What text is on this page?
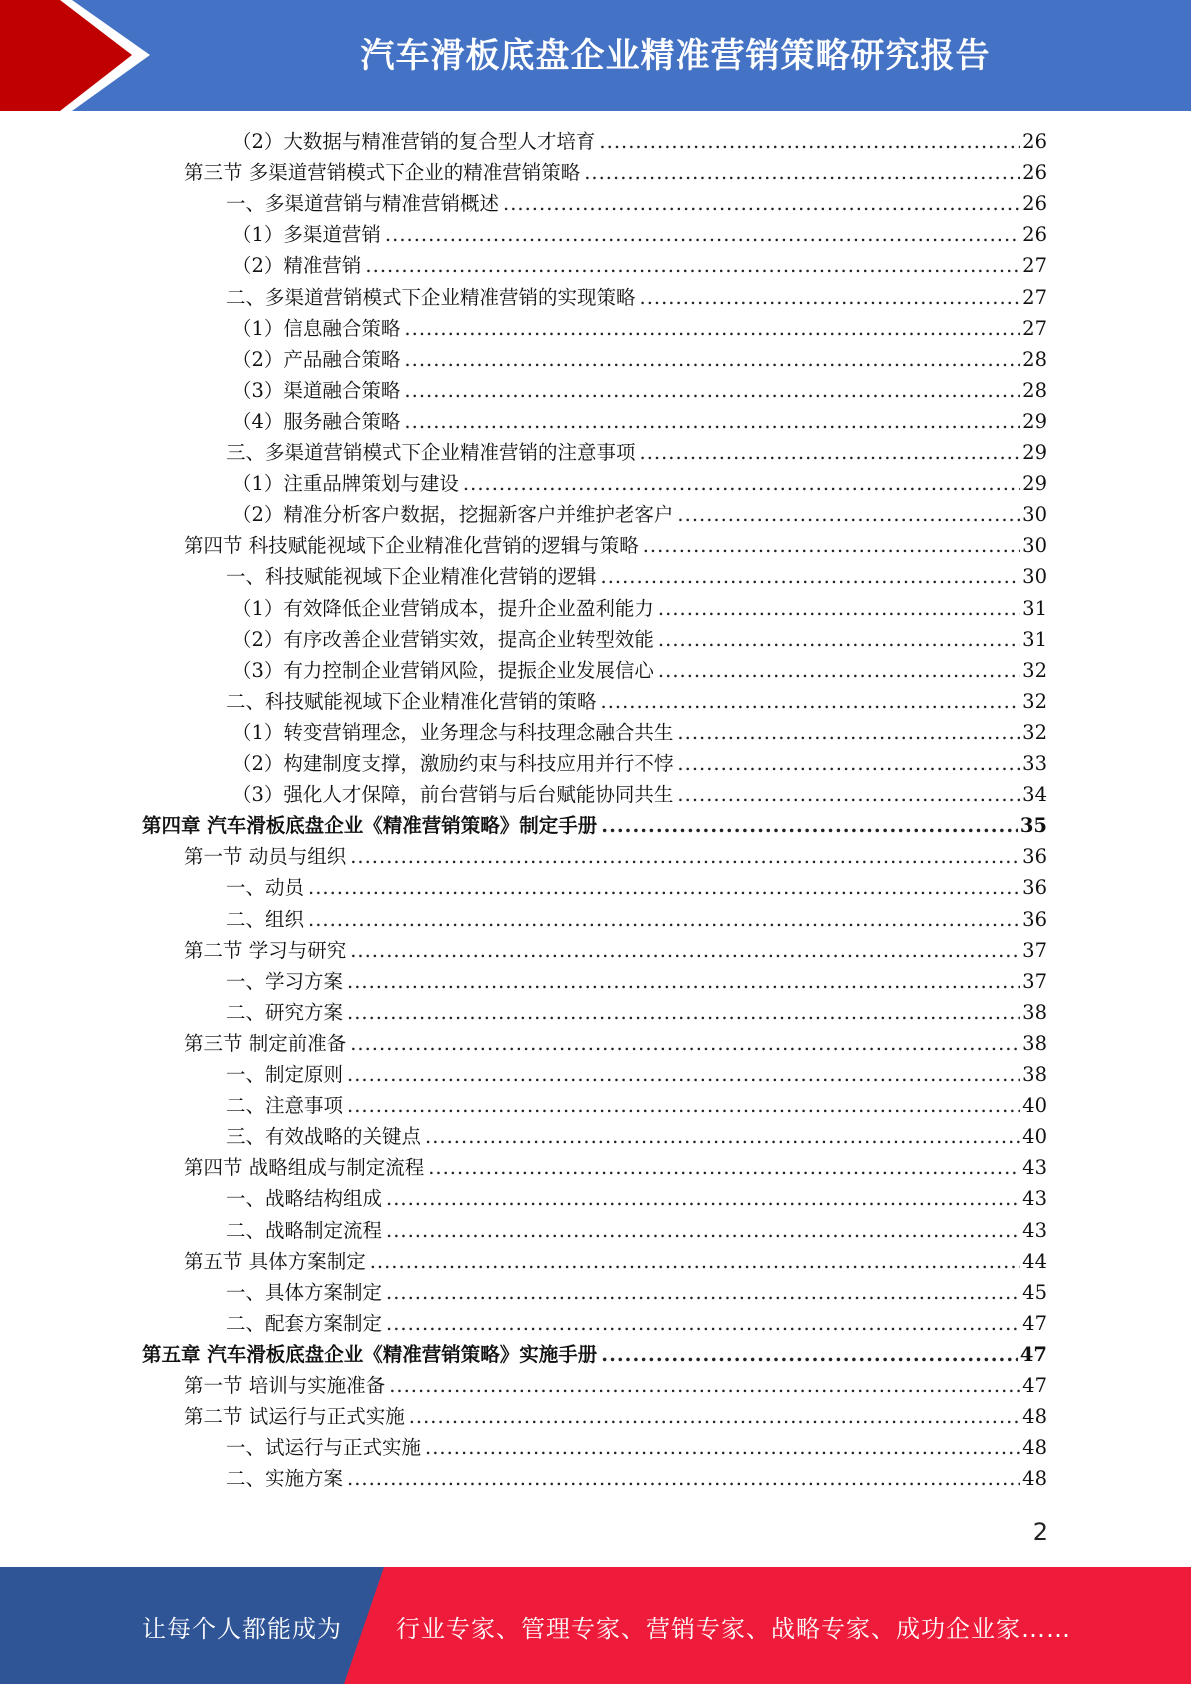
汽车滑板底盘企业精准营销策略研究报告
（2）大数据与精准营销的复合型人才培育 .....	26
第三节 多渠道营销模式下企业的精准营销策略 .....	26
一、多渠道营销与精准营销概述 .....	26
（1）多渠道营销 .....	26
（2）精准营销 .....	27
二、多渠道营销模式下企业精准营销的实现策略 .....	27
（1）信息融合策略 .....	27
（2）产品融合策略 .....	28
（3）渠道融合策略 .....	28
（4）服务融合策略 .....	29
三、多渠道营销模式下企业精准营销的注意事项 .....	29
（1）注重品牌策划与建设 .....	29
（2）精准分析客户数据，挖掘新客户并维护老客户 .....	30
第四节 科技赋能视域下企业精准化营销的逻辑与策略 .....	30
一、科技赋能视域下企业精准化营销的逻辑 .....	30
（1）有效降低企业营销成本，提升企业盈利能力 .....	31
（2）有序改善企业营销实效，提高企业转型效能 .....	31
（3）有力控制企业营销风险，提振企业发展信心 .....	32
二、科技赋能视域下企业精准化营销的策略 .....	32
（1）转变营销理念，业务理念与科技理念融合共生 .....	32
（2）构建制度支撑，激励约束与科技应用并行不悖 .....	33
（3）强化人才保障，前台营销与后台赋能协同共生 .....	34
第四章 汽车滑板底盘企业《精准营销策略》制定手册 .....	35
第一节 动员与组织 .....	36
一、动员 .....	36
二、组织 .....	36
第二节 学习与研究 .....	37
一、学习方案 .....	37
二、研究方案 .....	38
第三节 制定前准备 .....	38
一、制定原则 .....	38
二、注意事项 .....	40
三、有效战略的关键点 .....	40
第四节 战略组成与制定流程 .....	43
一、战略结构组成 .....	43
二、战略制定流程 .....	43
第五节 具体方案制定 .....	44
一、具体方案制定 .....	45
二、配套方案制定 .....	47
第五章 汽车滑板底盘企业《精准营销策略》实施手册 .....	47
第一节 培训与实施准备 .....	47
第二节 试运行与正式实施 .....	48
一、试运行与正式实施 .....	48
二、实施方案 .....	48
2
让每个人都能成为 行业专家、管理专家、营销专家、战略专家、成功企业家……
